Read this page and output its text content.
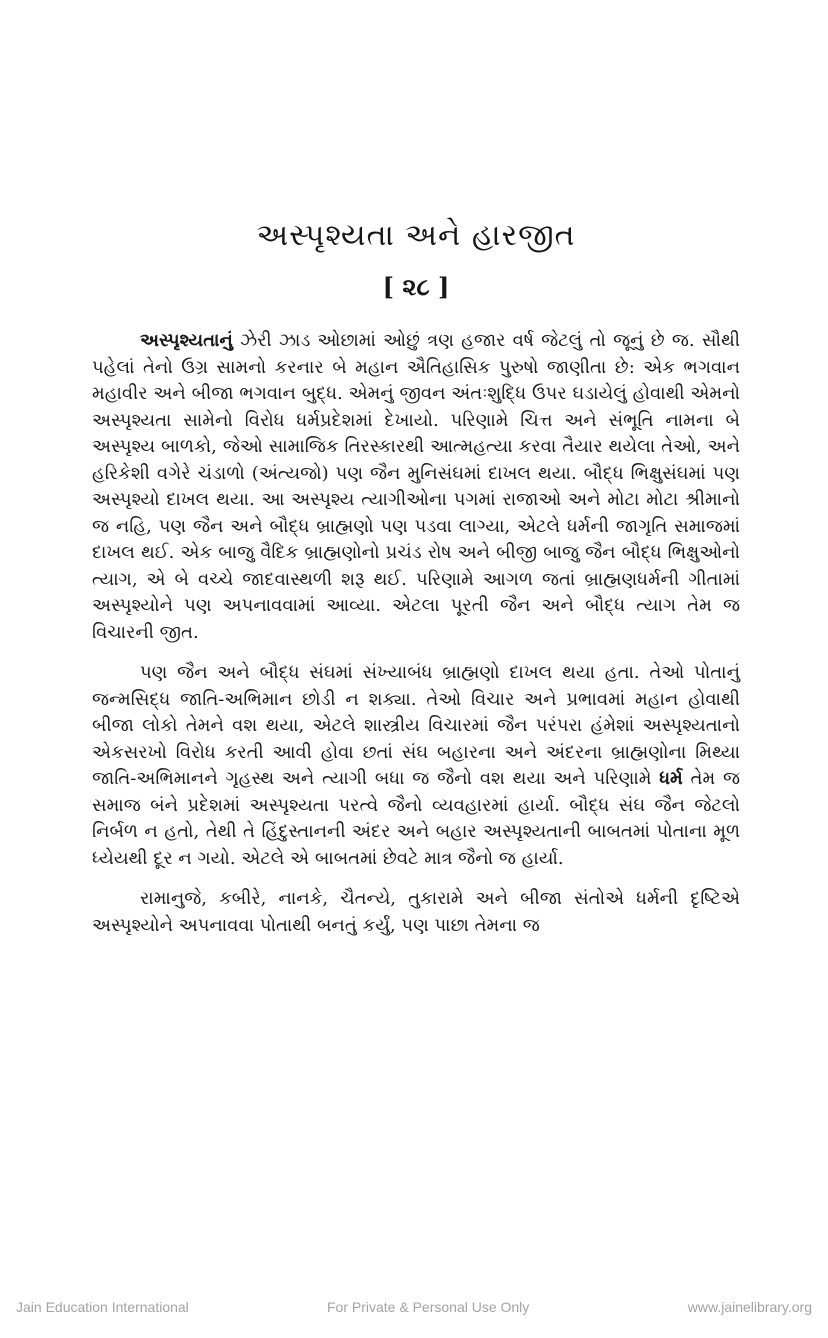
અસ્પૃશ્યતા અને હારજીત
[ ૨૮ ]

અસ્પૃશ્યતાનું ઝેરી ઝાડ ઓછામાં ઓછું ત્રણ હજાર વર્ષ જેટલું તો જૂનું છે જ. સૌથી પહેલાં તેનો ઉગ્ર સામનો કરનાર બે મહાન ઐતિહાસિક પુરુષો જાણીતા છે: એક ભગવાન મહાવીર અને બીજા ભગવાન બુદ્ધ. એમનું જીવન અંતઃશુદ્ધિ ઉપર ઘડાયેલું હોવાથી એમનો અસ્પૃશ્યતા સામેનો વિરોધ ધર્મપ્રદેશમાં દેખાયો. પરિણામે ચિત્ત અને સંભૂતિ નામના બે અસ્પૃશ્ય બાળકો, જેઓ સામાજિક તિરસ્કારથી આત્મહત્યા કરવા તૈયાર થયેલા તેઓ, અને હરિકેશી વગેરે ચંડાળો (અંત્યજો) પણ જૈન મુનિસંઘમાં દાખલ થયા. બૌદ્ધ ભિક્ષુસંઘમાં પણ અસ્પૃશ્યો દાખલ થયા. આ અસ્પૃશ્ય ત્યાગીઓના પગમાં રાજાઓ અને મોટા મોટા શ્રીમાનો જ નહિ, પણ જૈન અને બૌદ્ધ બ્રાહ્મણો પણ પડવા લાગ્યા, એટલે ધર્મની જાગૃતિ સમાજમાં દાખલ થઈ. એક બાજુ વૈદિક બ્રાહ્મણોનો પ્રચંડ રોષ અને બીજી બાજુ જૈન બૌદ્ધ ભિક્ષુઓનો ત્યાગ, એ બે વચ્ચે જાદવાસ્થળી શરૂ થઈ. પરિણામે આગળ જતાં બ્રાહ્મણધર્મની ગીતામાં અસ્પૃશ્યોને પણ અપનાવવામાં આવ્યા. એટલા પૂરતી જૈન અને બૌદ્ધ ત્યાગ તેમ જ વિચારની જીત.

પણ જૈન અને બૌદ્ધ સંઘમાં સંખ્યાબંધ બ્રાહ્મણો દાખલ થયા હતા. તેઓ પોતાનું જન્મસિદ્ધ જાતિ-અભિમાન છોડી ન શક્યા. તેઓ વિચાર અને પ્રભાવમાં મહાન હોવાથી બીજા લોકો તેમને વશ થયા, એટલે શાસ્ત્રીય વિચારમાં જૈન પરંપરા હંમેશાં અસ્પૃશ્યતાનો એકસરખો વિરોધ કરતી આવી હોવા છતાં સંઘ બહારના અને અંદરના બ્રાહ્મણોના મિથ્યા જાતિ-અભિમાનને ગૃહસ્થ અને ત્યાગી બધા જ જૈનો વશ થયા અને પરિણામે ધર્મ તેમ જ સમાજ બંને પ્રદેશમાં અસ્પૃશ્યતા પરત્વે જૈનો વ્યવહારમાં હાર્યા. બૌદ્ધ સંઘ જૈન જેટલો નિર્બળ ન હતો, તેથી તે હિંદુસ્તાનની અંદર અને બહાર અસ્પૃશ્યતાની બાબતમાં પોતાના મૂળ ધ્યેયથી દૂર ન ગયો. એટલે એ બાબતમાં છેવટે માત્ર જૈનો જ હાર્યા.

રામાનુજે, કબીરે, નાનકે, ચૈતન્યે, તુકારામે અને બીજા સંતોએ ધર્મની દૃષ્ટિએ અસ્પૃશ્યોને અપનાવવા પોતાથી બનતું કર્યું, પણ પાછા તેમના જ

Jain Education International	For Private & Personal Use Only	www.jainelibrary.org
